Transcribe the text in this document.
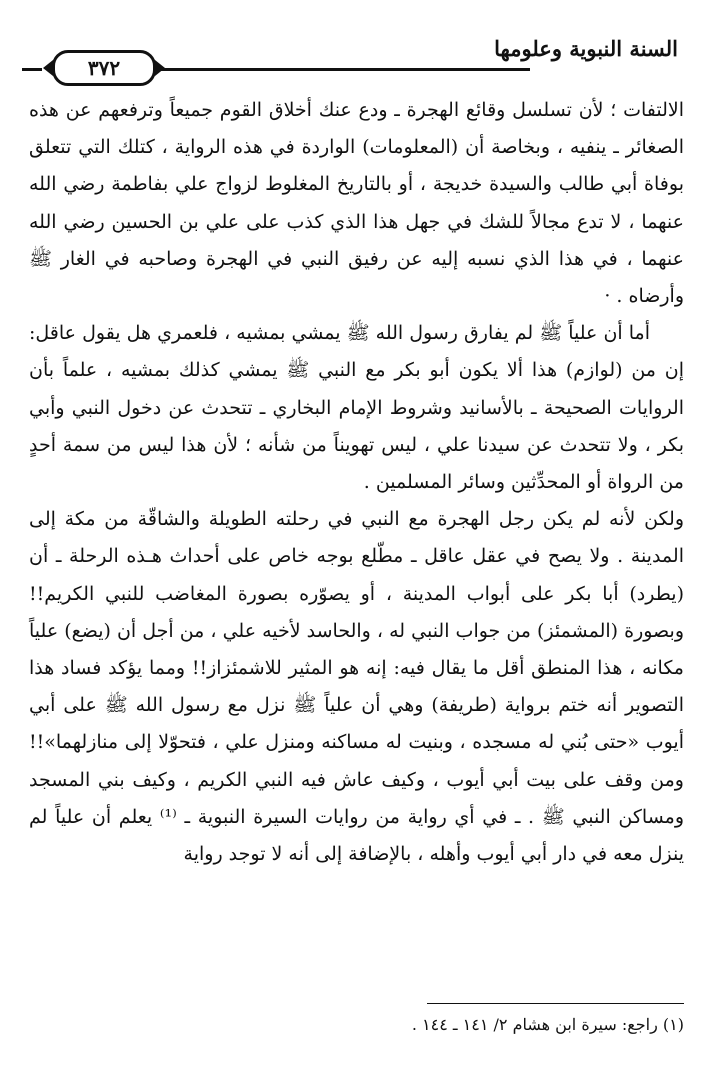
السنة النبوية وعلومها
٣٧٢

الالتفات ؛ لأن تسلسل وقائع الهجرة ـ ودع عنك أخلاق القوم جميعاً وترفعهم عن هذه الصغائر ـ ينفيه ، وبخاصة أن (المعلومات) الواردة في هذه الرواية ، كتلك التي تتعلق بوفاة أبي طالب والسيدة خديجة ، أو بالتاريخ المغلوط لزواج علي بفاطمة رضي الله عنهما ، لا تدع مجالاً للشك في جهل هذا الذي كذب على علي بن الحسين رضي الله عنهما ، في هذا الذي نسبه إليه عن رفيق النبي في الهجرة وصاحبه في الغار ﷺ وأرضاه . ·

أما أن علياً ﷺ لم يفارق رسول الله ﷺ يمشي بمشيه ، فلعمري هل يقول عاقل: إن من (لوازم) هذا ألا يكون أبو بكر مع النبي ﷺ يمشي كذلك بمشيه ، علماً بأن الروايات الصحيحة ـ بالأسانيد وشروط الإمام البخاري ـ تتحدث عن دخول النبي وأبي بكر ، ولا تتحدث عن سيدنا علي ، ليس تهويناً من شأنه ؛ لأن هذا ليس من سمة أحدٍ من الرواة أو المحدِّثين وسائر المسلمين .

ولكن لأنه لم يكن رجل الهجرة مع النبي في رحلته الطويلة والشاقّة من مكة إلى المدينة . ولا يصح في عقل عاقل ـ مطّلع بوجه خاص على أحداث هـذه الرحلة ـ أن (يطرد) أبا بكر على أبواب المدينة ، أو يصوّره بصورة المغاضب للنبي الكريم!! وبصورة (المشمئز) من جواب النبي له ، والحاسد لأخيه علي ، من أجل أن (يضع) علياً مكانه ، هذا المنطق أقل ما يقال فيه: إنه هو المثير للاشمئزاز!! ومما يؤكد فساد هذا التصوير أنه ختم برواية (طريفة) وهي أن علياً ﷺ نزل مع رسول الله ﷺ على أبي أيوب «حتى بُني له مسجده ، وبنيت له مساكنه ومنزل علي ، فتحوّلا إلى منازلهما»!! ومن وقف على بيت أبي أيوب ، وكيف عاش فيه النبي الكريم ، وكيف بني المسجد ومساكن النبي ﷺ . ـ في أي رواية من روايات السيرة النبوية ـ ⁽¹⁾ يعلم أن علياً لم ينزل معه في دار أبي أيوب وأهله ، بالإضافة إلى أنه لا توجد رواية

(١) راجع: سيرة ابن هشام ٢/ ١٤١ ـ ١٤٤ .
